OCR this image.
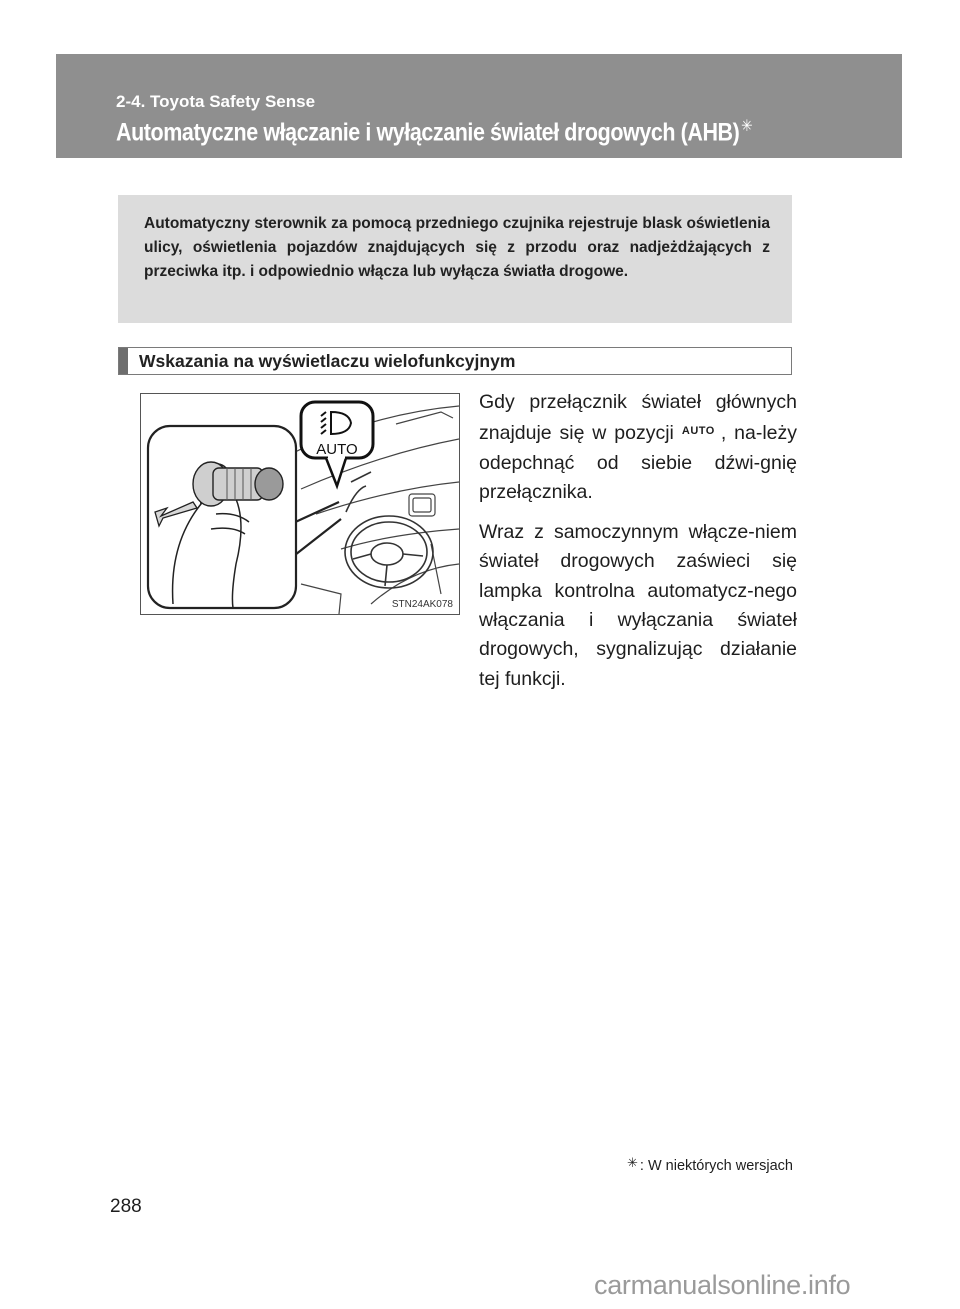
2-4. Toyota Safety Sense
Automatyczne włączanie i wyłączanie świateł drogowych (AHB) ✳
Automatyczny sterownik za pomocą przedniego czujnika rejestruje blask oświetlenia ulicy, oświetlenia pojazdów znajdujących się z przodu oraz nadjeżdżających z przeciwka itp. i odpowiednio włącza lub wyłącza światła drogowe.
Wskazania na wyświetlaczu wielofunkcyjnym
AUTO
STN24AK078

Gdy przełącznik świateł głównych znajduje się w pozycji AUTO , na-leży odepchnąć od siebie dźwi-gnię przełącznika.

Wraz z samoczynnym włącze-niem świateł drogowych zaświeci się lampka kontrolna automatycz-nego włączania i wyłączania świateł drogowych, sygnalizując działanie tej funkcji.

✳ : W niektórych wersjach
288
carmanualsonline.info
